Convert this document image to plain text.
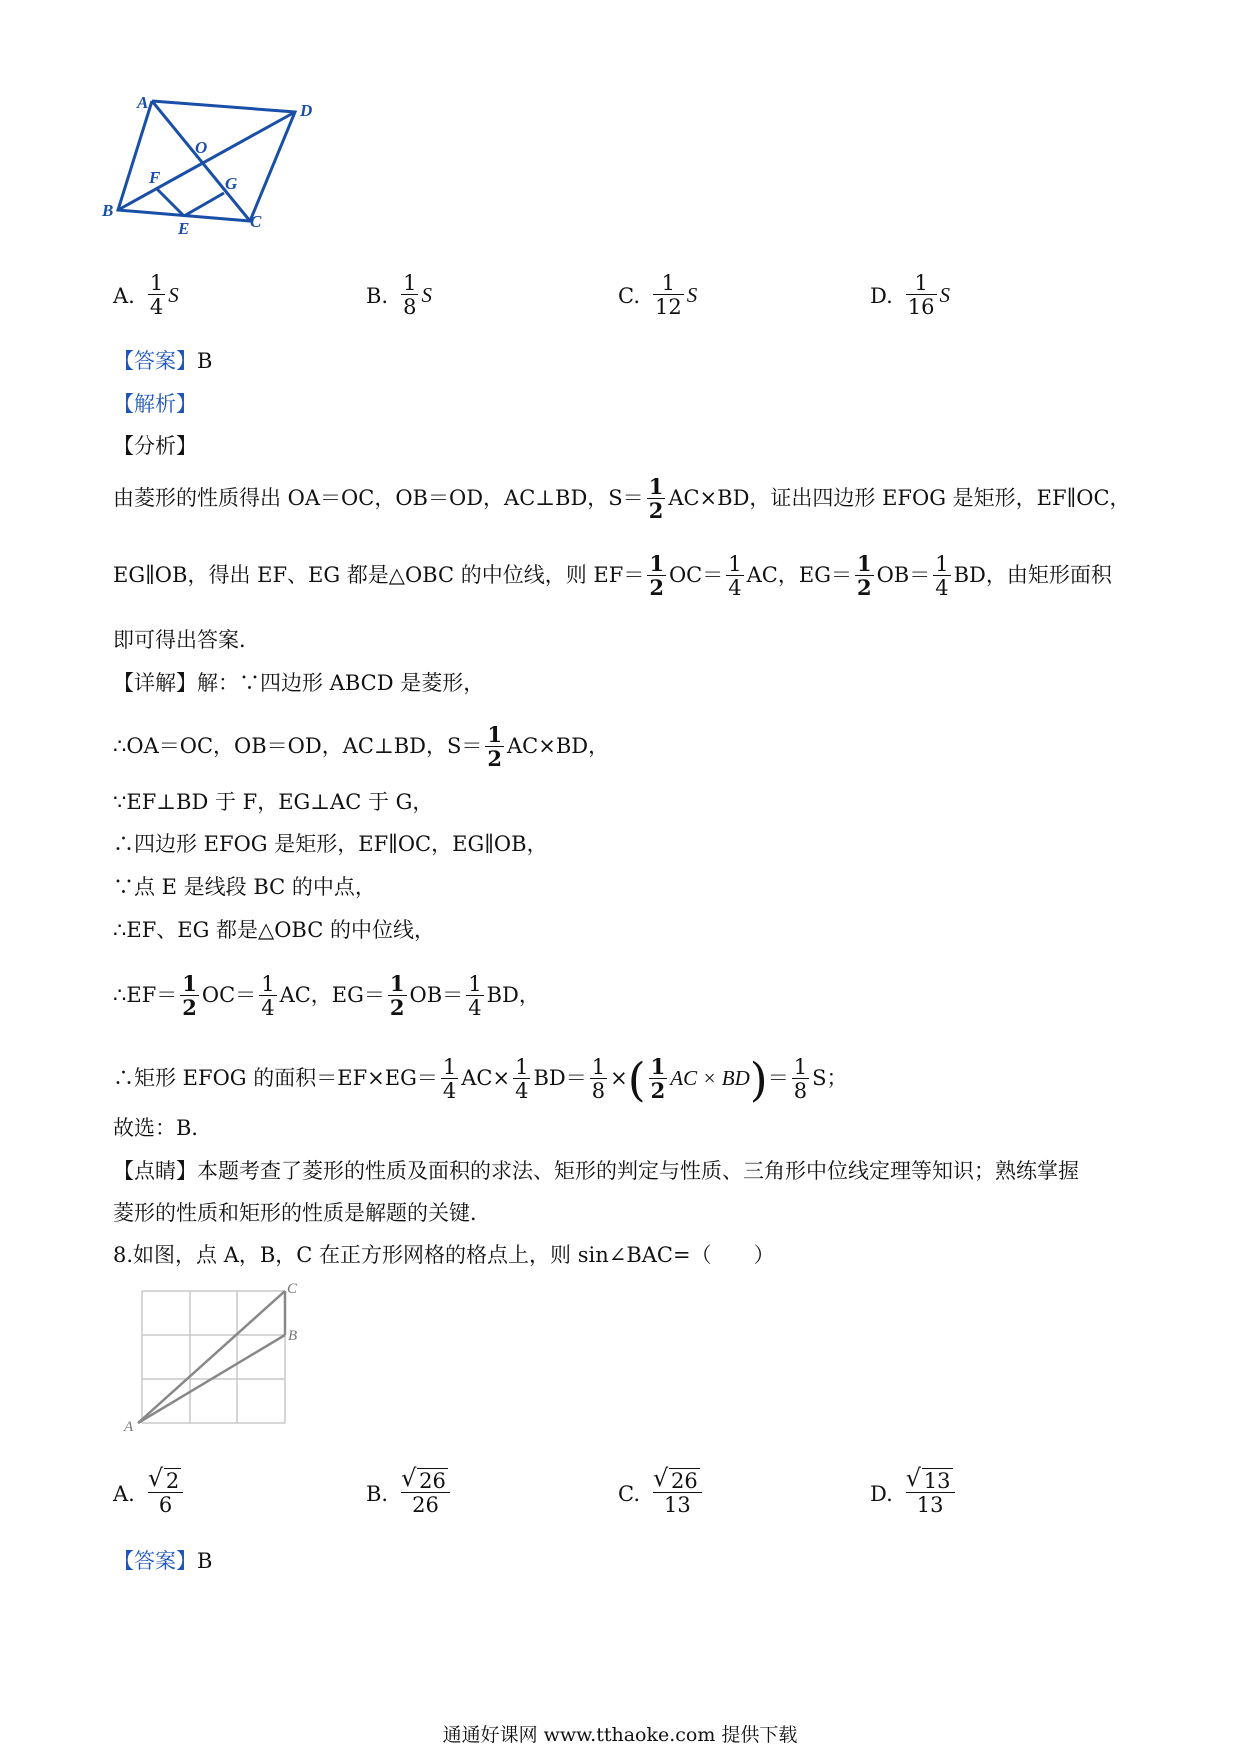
A	D
O
F	G
B
E	C
A. $\frac{1}{4}$ S	B. $\frac{1}{8}$ S	C. $\frac{1}{12}$ S	D. $\frac{1}{16}$ S
【答案】B
【解析】
【分析】
由菱形的性质得出 OA＝OC，OB＝OD，AC⊥BD，$S= \frac{1}{2} AC\times BD$，证出四边形 EFOG 是矩形，EF∥OC，
EG∥OB，得出 EF、EG 都是△OBC 的中位线，则 $EF= \frac{1}{2} OC= \frac{1}{4}$ AC，$EG= \frac{1}{2} OB= \frac{1}{4}$ BD，由矩形面积
即可得出答案．
【详解】解：∵四边形 ABCD 是菱形，
∴OA＝OC，OB＝OD，AC⊥BD，$S= \frac{1}{2} AC\times BD$，
∵EF⊥BD 于 F，EG⊥AC 于 G，
∴四边形 EFOG 是矩形，EF∥OC，EG∥OB，
∵点 E 是线段 BC 的中点，
∴EF、EG 都是△OBC 的中位线，
∴EF＝ $\frac{1}{2} OC= \frac{1}{4}$ AC，$EG= \frac{1}{2} OB= \frac{1}{4}$ BD，
∴矩形 EFOG 的面积$=EF\times EG= \frac{1}{4} AC\times \frac{1}{4} BD= \frac{1}{8}$ ×( $\frac{1}{2}$ AC × $BD)= \frac{1}{8}$ S；
故选：B．
【点睛】本题考查了菱形的性质及面积的求法、矩形的判定与性质、三角形中位线定理等知识；熟练掌握
菱形的性质和矩形的性质是解题的关键．
8.如图，点 A，B，C 在正方形网格的格点上，则 sin∠BAC=（　　）
C
B
A
A. √ $\frac{2}{6}$	B. √ $\frac{26}{26}$	C. √ $\frac{26}{13}$	D. √ $\frac{13}{13}$
【答案】B
通通好课网 www.tthaoke.com 提供下载
